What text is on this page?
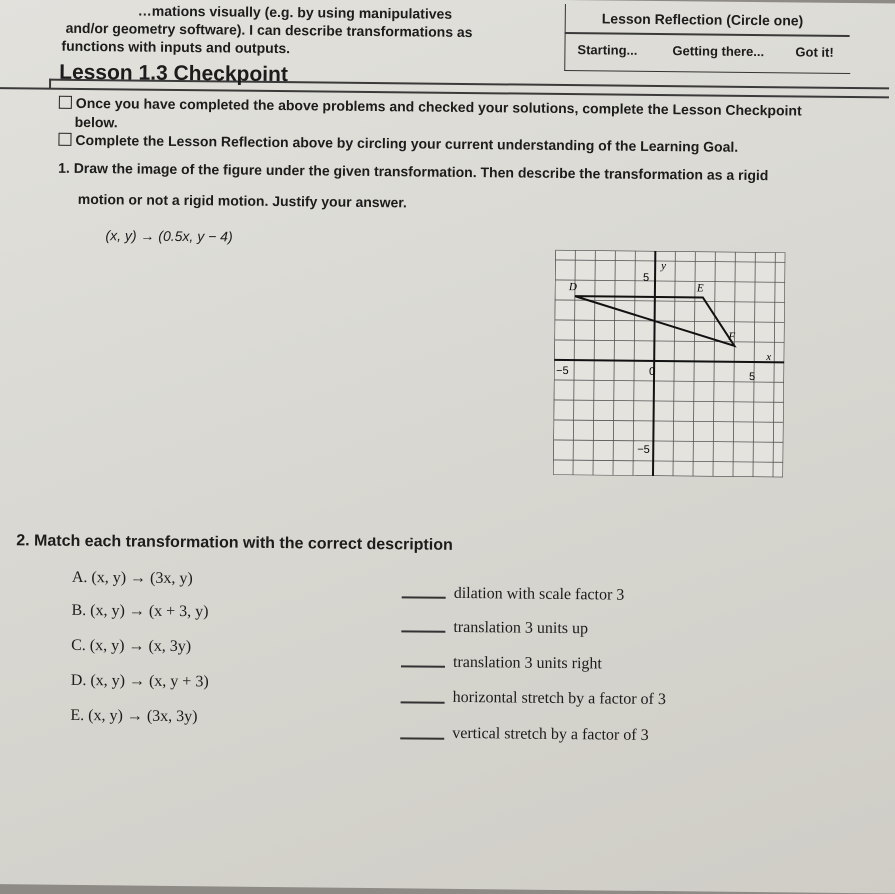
…mations visually (e.g. by using manipulatives
and/or geometry software). I can describe transformations as
functions with inputs and outputs.
Lesson Reflection (Circle one)
Starting...	Getting there... Got it!
Lesson 1.3 Checkpoint
Once you have completed the above problems and checked your solutions, complete the Lesson Checkpoint
below.
Complete the Lesson Reflection above by circling your current understanding of the Learning Goal.
1. Draw the image of the figure under the given transformation. Then describe the transformation as a rigid
motion or not a rigid motion. Justify your answer.
(x, y) → (0.5x, y − 4)
y
x
5
−5
−5	0	5
D	E
F
2. Match each transformation with the correct description
A. (x, y) → (3x, y)
B. (x, y) → (x + 3, y)
C. (x, y) → (x, 3y)
D. (x, y) → (x, y + 3)
E. (x, y) → (3x, 3y)
dilation with scale factor 3
translation 3 units up
translation 3 units right
horizontal stretch by a factor of 3
vertical stretch by a factor of 3
